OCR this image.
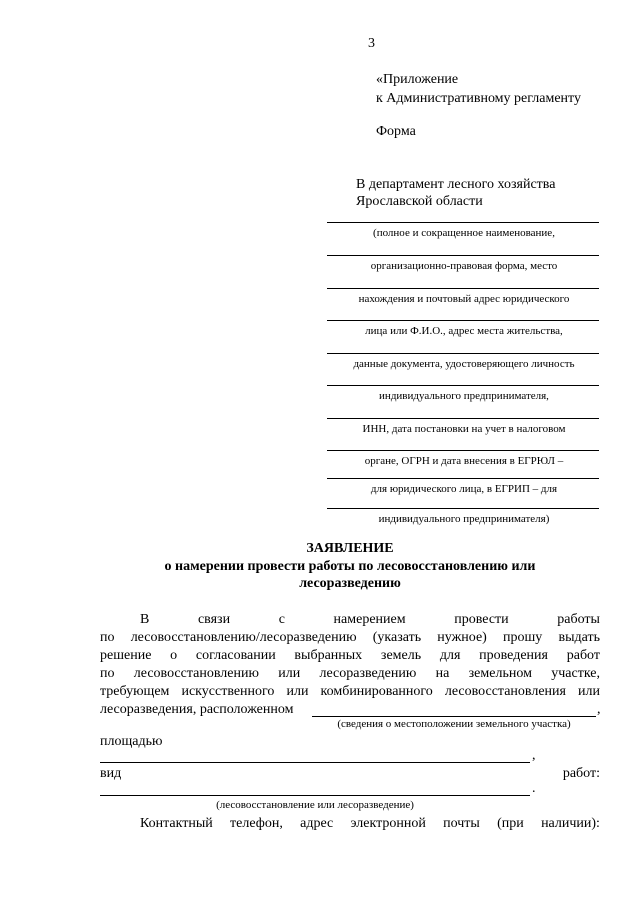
3
«Приложение
к Административному регламенту
Форма
В департамент лесного хозяйства
Ярославской области
(полное и сокращенное наименование,
организационно-правовая форма, место
нахождения и почтовый адрес юридического
лица или Ф.И.О., адрес места жительства,
данные документа, удостоверяющего личность
индивидуального предпринимателя,
ИНН, дата постановки на учет в налоговом
органе, ОГРН и дата внесения в ЕГРЮЛ –
для юридического лица, в ЕГРИП – для
индивидуального предпринимателя)
ЗАЯВЛЕНИЕ
о намерении провести работы по лесовосстановлению или
лесоразведению
В	связи	с	намерением	провести	работы
по лесовосстановлению/лесоразведению (указать нужное) прошу выдать
решение о согласовании выбранных земель для проведения работ
по лесовосстановлению или лесоразведению на земельном участке,
требующем искусственного или комбинированного лесовосстановления или
лесоразведения, расположенном	,
(сведения о местоположении земельного участка)
площадью
,
вид	работ:
.
(лесовосстановление или лесоразведение)
Контактный телефон, адрес электронной почты (при наличии):
